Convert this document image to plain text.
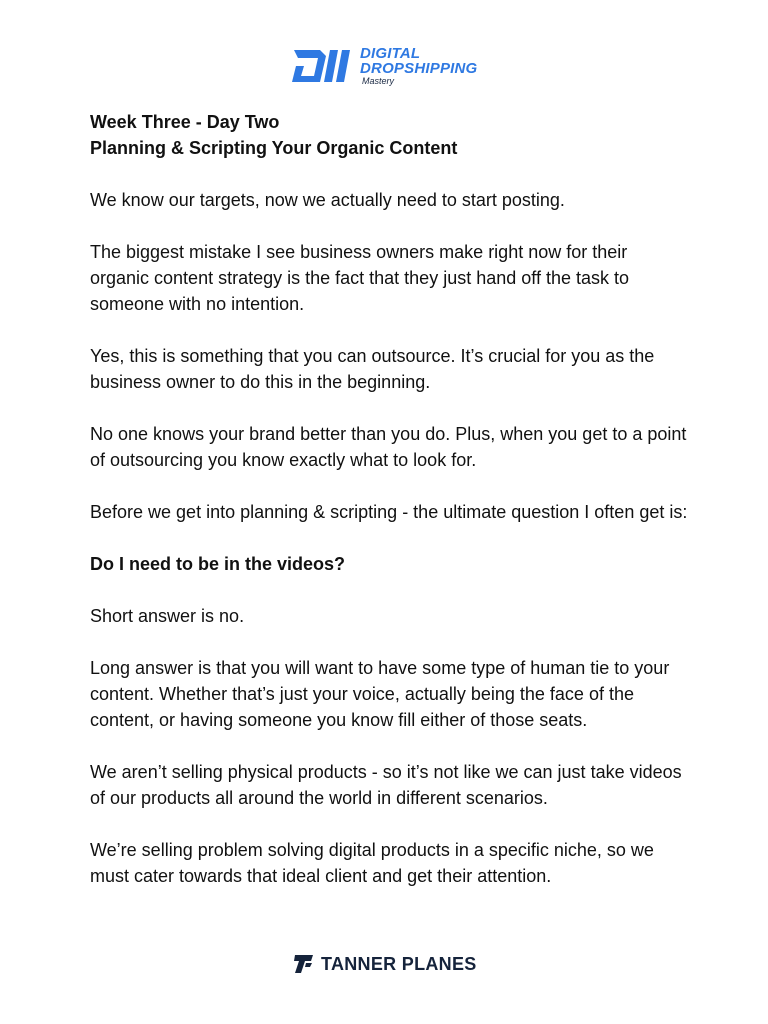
DIGITAL
DROPSHIPPING
Mastery

Week Three - Day Two

Planning & Scripting Your Organic Content

We know our targets, now we actually need to start posting.

The biggest mistake I see business owners make right now for their organic content strategy is the fact that they just hand off the task to someone with no intention.

Yes, this is something that you can outsource. It’s crucial for you as the business owner to do this in the beginning.

No one knows your brand better than you do. Plus, when you get to a point of outsourcing you know exactly what to look for.

Before we get into planning & scripting - the ultimate question I often get is:

Do I need to be in the videos?

Short answer is no.

Long answer is that you will want to have some type of human tie to your content. Whether that’s just your voice, actually being the face of the content, or having someone you know fill either of those seats.

We aren’t selling physical products - so it’s not like we can just take videos of our products all around the world in different scenarios.

We’re selling problem solving digital products in a specific niche, so we must cater towards that ideal client and get their attention.

TANNER PLANES
